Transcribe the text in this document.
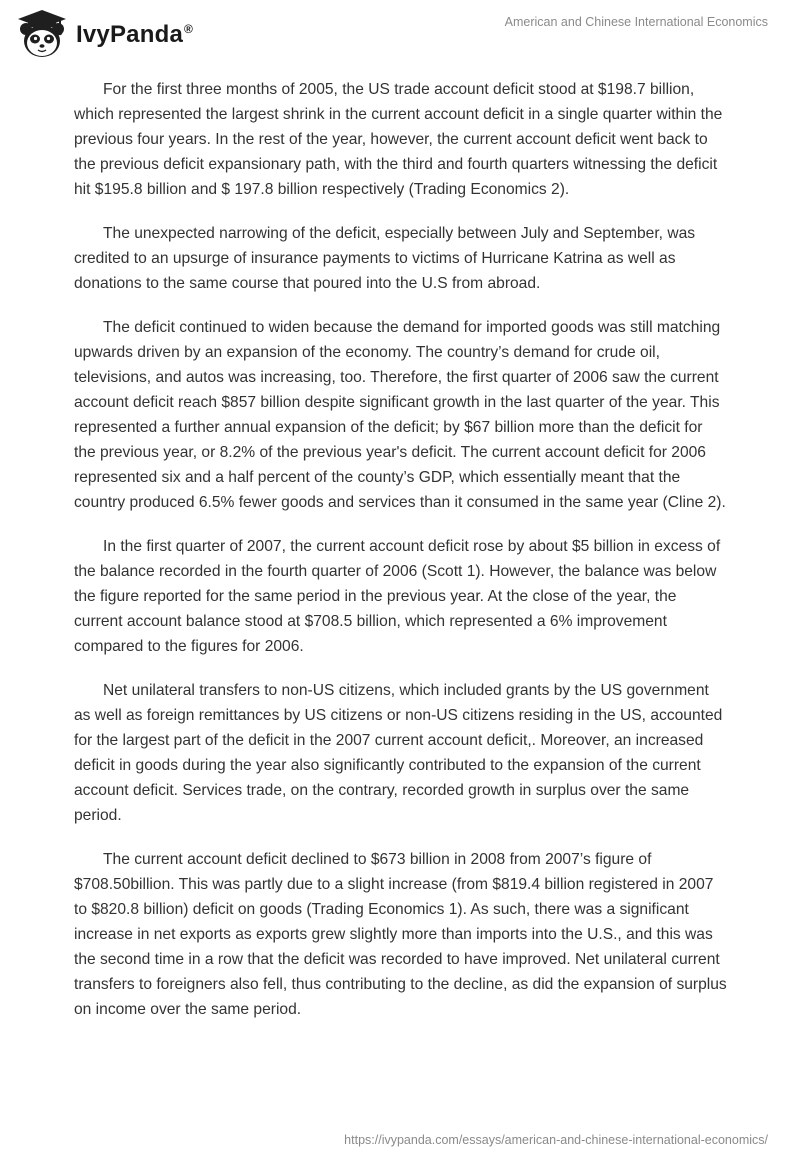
IvyPanda®	American and Chinese International Economics

For the first three months of 2005, the US trade account deficit stood at $198.7 billion, which represented the largest shrink in the current account deficit in a single quarter within the previous four years. In the rest of the year, however, the current account deficit went back to the previous deficit expansionary path, with the third and fourth quarters witnessing the deficit hit $195.8 billion and $ 197.8 billion respectively (Trading Economics 2).

The unexpected narrowing of the deficit, especially between July and September, was credited to an upsurge of insurance payments to victims of Hurricane Katrina as well as donations to the same course that poured into the U.S from abroad.

The deficit continued to widen because the demand for imported goods was still matching upwards driven by an expansion of the economy. The country’s demand for crude oil, televisions, and autos was increasing, too. Therefore, the first quarter of 2006 saw the current account deficit reach $857 billion despite significant growth in the last quarter of the year. This represented a further annual expansion of the deficit; by $67 billion more than the deficit for the previous year, or 8.2% of the previous year's deficit. The current account deficit for 2006 represented six and a half percent of the county’s GDP, which essentially meant that the country produced 6.5% fewer goods and services than it consumed in the same year (Cline 2).

In the first quarter of 2007, the current account deficit rose by about $5 billion in excess of the balance recorded in the fourth quarter of 2006 (Scott 1). However, the balance was below the figure reported for the same period in the previous year. At the close of the year, the current account balance stood at $708.5 billion, which represented a 6% improvement compared to the figures for 2006.

Net unilateral transfers to non-US citizens, which included grants by the US government as well as foreign remittances by US citizens or non-US citizens residing in the US, accounted for the largest part of the deficit in the 2007 current account deficit,. Moreover, an increased deficit in goods during the year also significantly contributed to the expansion of the current account deficit. Services trade, on the contrary, recorded growth in surplus over the same period.

The current account deficit declined to $673 billion in 2008 from 2007’s figure of $708.50billion. This was partly due to a slight increase (from $819.4 billion registered in 2007 to $820.8 billion) deficit on goods (Trading Economics 1). As such, there was a significant increase in net exports as exports grew slightly more than imports into the U.S., and this was the second time in a row that the deficit was recorded to have improved. Net unilateral current transfers to foreigners also fell, thus contributing to the decline, as did the expansion of surplus on income over the same period.

https://ivypanda.com/essays/american-and-chinese-international-economics/
